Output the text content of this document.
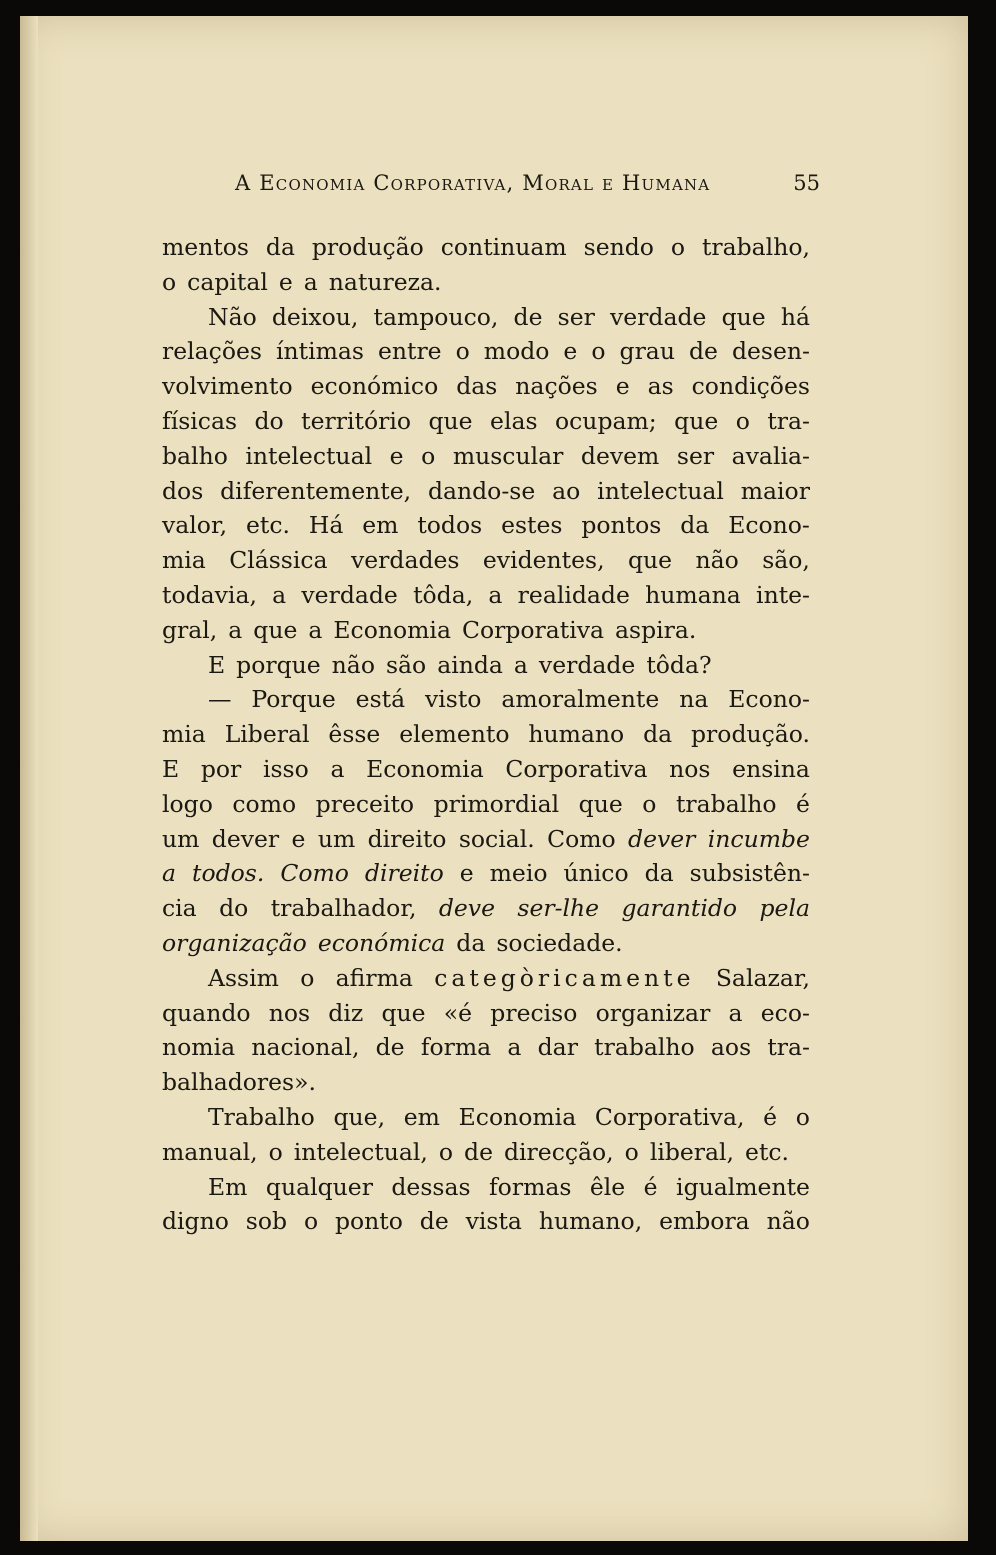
A Economia Corporativa, Moral e Humana	55
mentos da produção continuam sendo o trabalho,
o capital e a natureza.
Não deixou, tampouco, de ser verdade que há
relações íntimas entre o modo e o grau de desen-
volvimento económico das nações e as condições
físicas do território que elas ocupam; que o tra-
balho intelectual e o muscular devem ser avalia-
dos diferentemente, dando-se ao intelectual maior
valor, etc. Há em todos estes pontos da Econo-
mia Clássica verdades evidentes, que não são,
todavia, a verdade tôda, a realidade humana inte-
gral, a que a Economia Corporativa aspira.
E porque não são ainda a verdade tôda?
— Porque está visto amoralmente na Econo-
mia Liberal êsse elemento humano da produção.
E por isso a Economia Corporativa nos ensina
logo como preceito primordial que o trabalho é
um dever e um direito social. Como dever incumbe
a todos. Como direito e meio único da subsistên-
cia do trabalhador, deve ser-lhe garantido pela
organização económica da sociedade.
Assim o afirma categòricamente Salazar,
quando nos diz que «é preciso organizar a eco-
nomia nacional, de forma a dar trabalho aos tra-
balhadores».
Trabalho que, em Economia Corporativa, é o
manual, o intelectual, o de direcção, o liberal, etc.
Em qualquer dessas formas êle é igualmente
digno sob o ponto de vista humano, embora não
